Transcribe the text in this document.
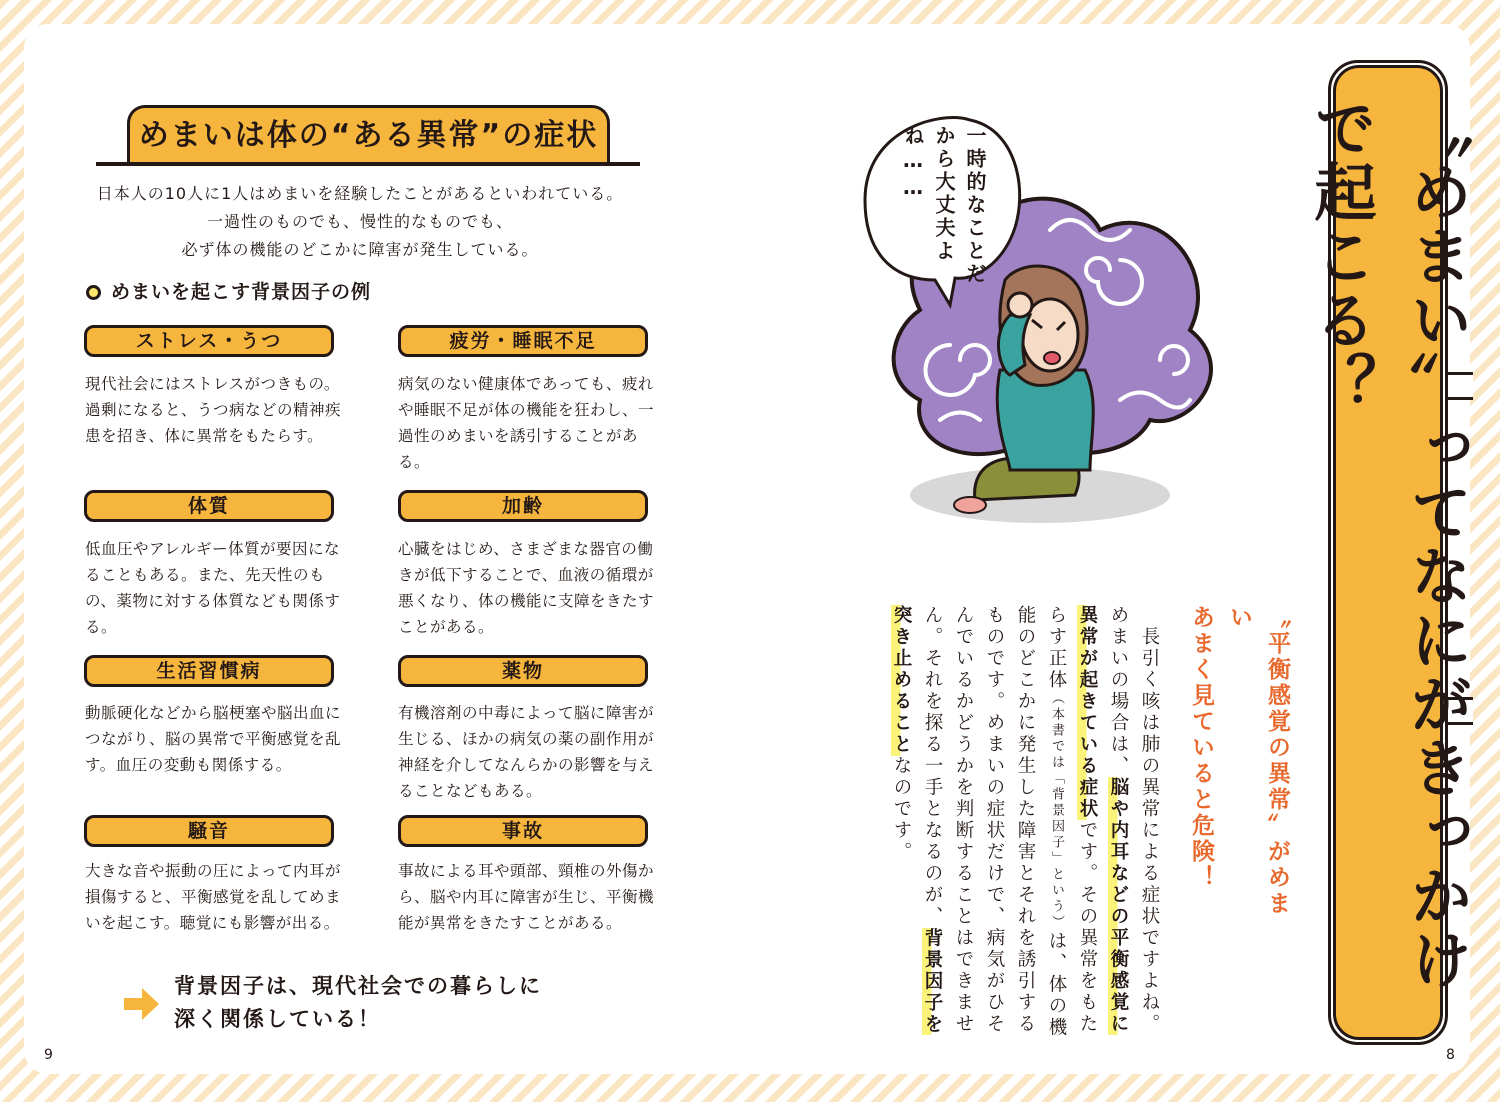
めまいは体の“ある異常”の症状
日本人の10人に1人はめまいを経験したことがあるといわれている。
一過性のものでも、慢性的なものでも、
必ず体の機能のどこかに障害が発生している。
めまいを起こす背景因子の例
ストレス・うつ
現代社会にはストレスがつきもの。過剰になると、うつ病などの精神疾患を招き、体に異常をもたらす。
疲労・睡眠不足
病気のない健康体であっても、疲れや睡眠不足が体の機能を狂わし、一過性のめまいを誘引することがある。
体質
低血圧やアレルギー体質が要因になることもある。また、先天性のもの、薬物に対する体質なども関係する。
加齢
心臓をはじめ、さまざまな器官の働きが低下することで、血液の循環が悪くなり、体の機能に支障をきたすことがある。
生活習慣病
動脈硬化などから脳梗塞や脳出血につながり、脳の異常で平衡感覚を乱す。血圧の変動も関係する。
薬物
有機溶剤の中毒によって脳に障害が生じる、ほかの病気の薬の副作用が神経を介してなんらかの影響を与えることなどもある。
騒音
大きな音や振動の圧によって内耳が損傷すると、平衡感覚を乱してめまいを起こす。聴覚にも影響が出る。
事故
事故による耳や頭部、頸椎の外傷から、脳や内耳に障害が生じ、平衡機能が異常をきたすことがある。
背景因子は、現代社会での暮らしに
深く関係している！
9
〝めまい〟ってなにがきっかけで起こる？
一時的なことだから大丈夫よね……
〝平衡感覚の異常〟がめまい
あまく見ていると危険！
　長引く咳は肺の異常による症状ですよね。めまいの場合は、脳や内耳などの平衡感覚に異常が起きている症状です。その異常をもたらす正体（本書では「背景因子」という）は、体の機能のどこかに発生した障害とそれを誘引するものです。めまいの症状だけで、病気がひそんでいるかどうかを判断することはできません。それを探る一手となるのが、背景因子を突き止めることなのです。
8
